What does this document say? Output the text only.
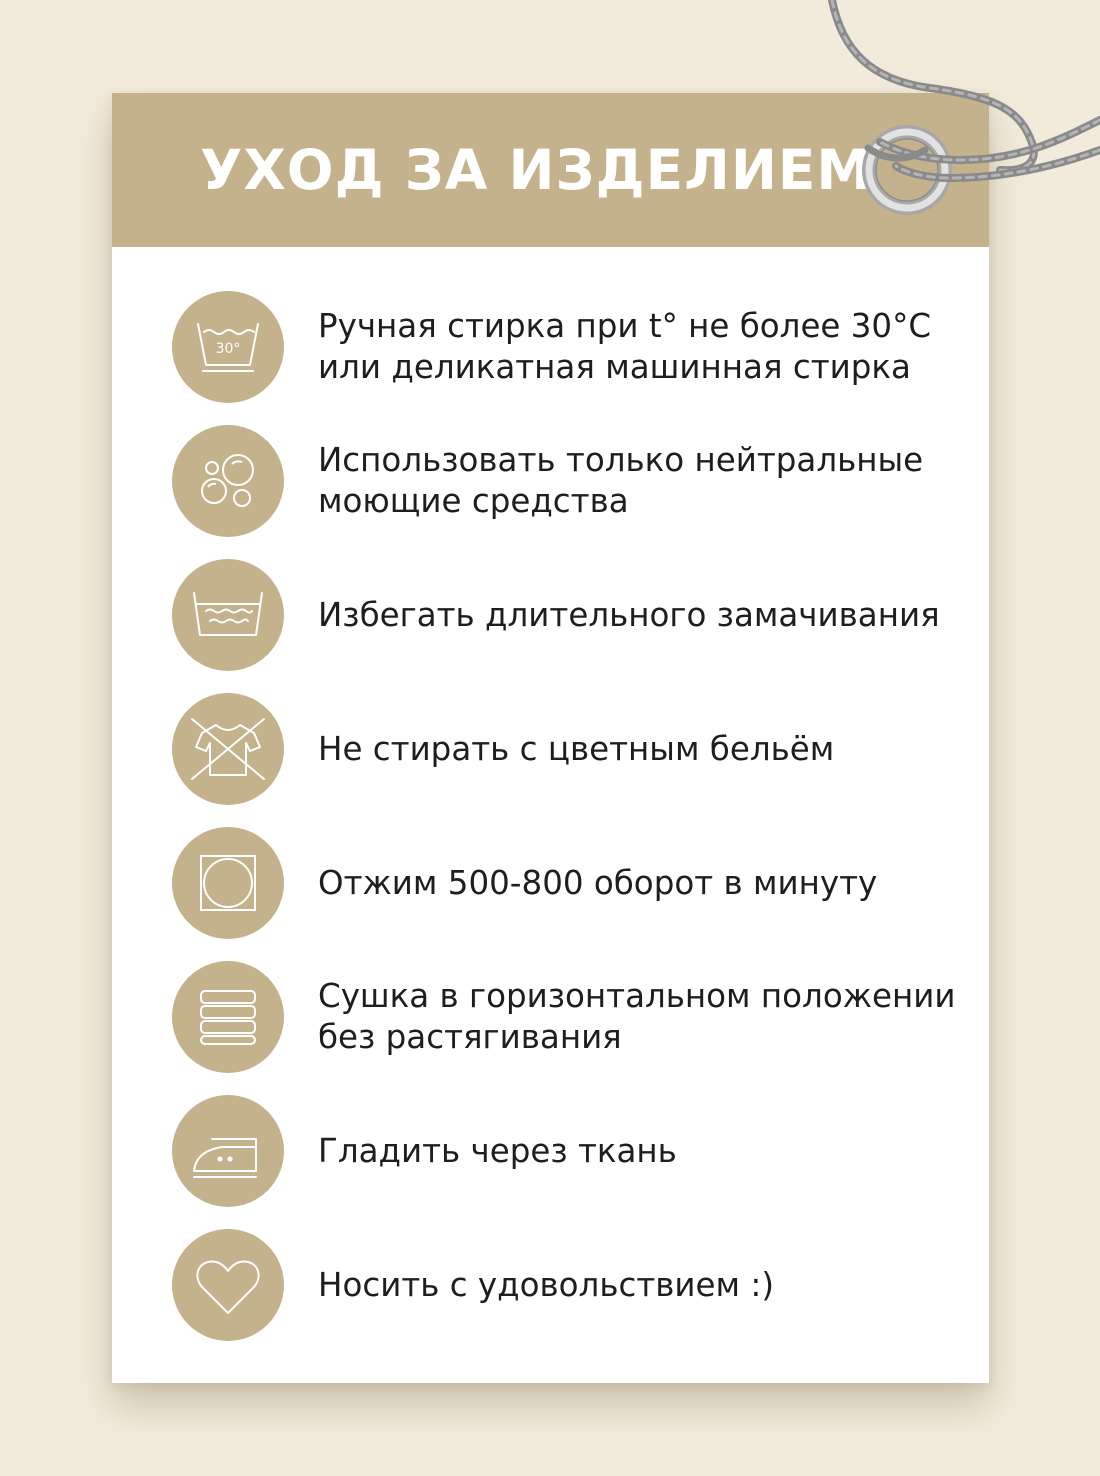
УХОД ЗА ИЗДЕЛИЕМ
30°
Ручная стирка при t° не более 30°С или деликатная машинная стирка
Использовать только нейтральные моющие средства
Избегать длительного замачивания
Не стирать с цветным бельём
Отжим 500-800 оборот в минуту
Сушка в горизонтальном положении без растягивания
Гладить через ткань
Носить с удовольствием :)
